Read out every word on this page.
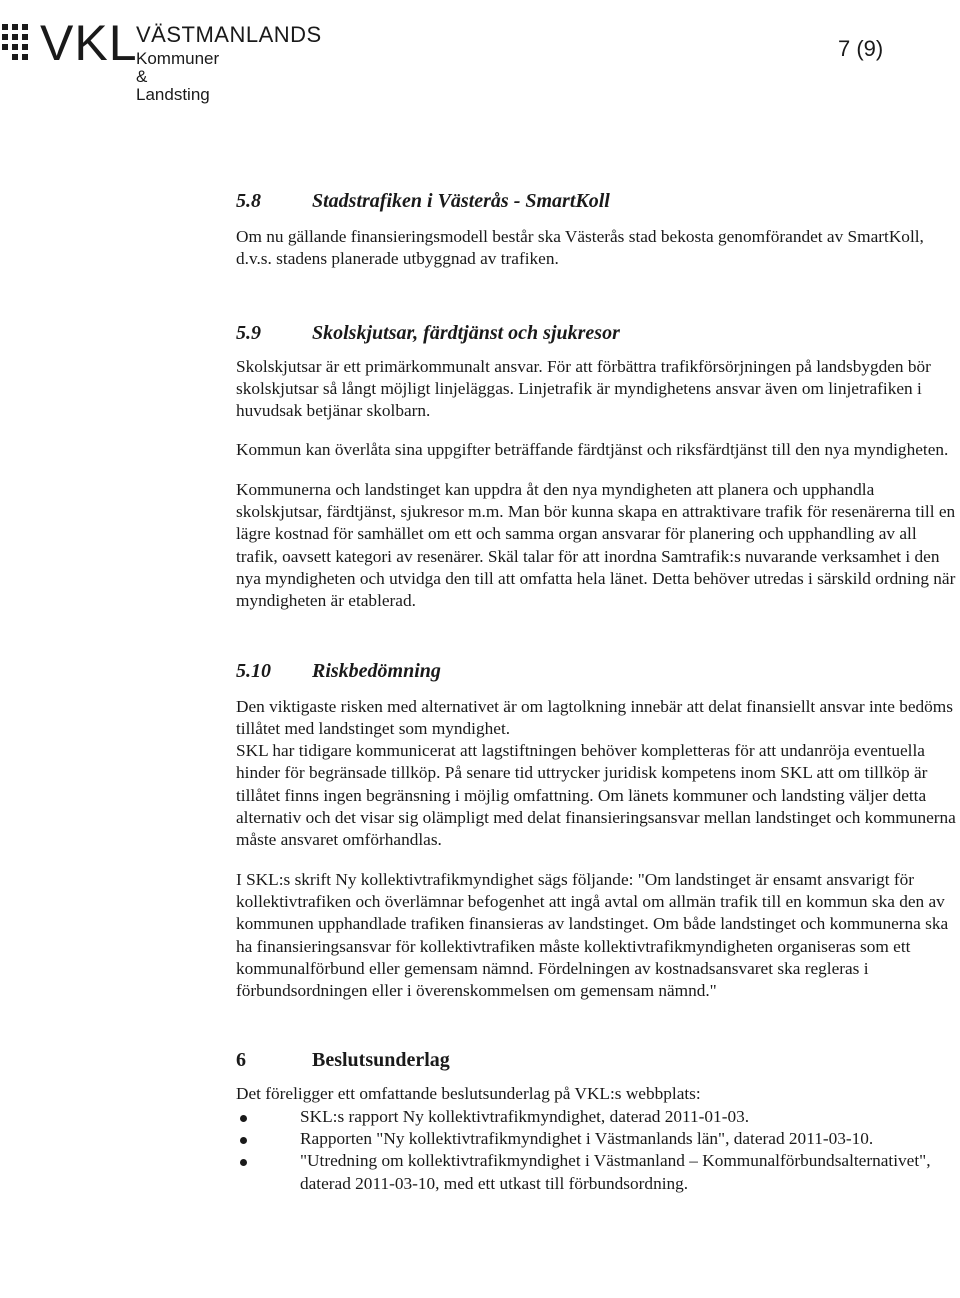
VKL
VÄSTMANLANDS
Kommuner & Landsting
7 (9)
5.8	Stadstrafiken i Västerås - SmartKoll

Om nu gällande finansieringsmodell består ska Västerås stad bekosta genomförandet av SmartKoll, d.v.s. stadens planerade utbyggnad av trafiken.

5.9	Skolskjutsar, färdtjänst och sjukresor

Skolskjutsar är ett primärkommunalt ansvar. För att förbättra trafikförsörjningen på landsbygden bör skolskjutsar så långt möjligt linjeläggas. Linjetrafik är myndighetens ansvar även om linjetrafiken i huvudsak betjänar skolbarn.

Kommun kan överlåta sina uppgifter beträffande färdtjänst och riksfärdtjänst till den nya myndigheten.

Kommunerna och landstinget kan uppdra åt den nya myndigheten att planera och upphandla skolskjutsar, färdtjänst, sjukresor m.m. Man bör kunna skapa en attraktivare trafik för resenärerna till en lägre kostnad för samhället om ett och samma organ ansvarar för planering och upphandling av all trafik, oavsett kategori av resenärer. Skäl talar för att inordna Samtrafik:s nuvarande verksamhet i den nya myndigheten och utvidga den till att omfatta hela länet. Detta behöver utredas i särskild ordning när myndigheten är etablerad.

5.10	Riskbedömning

Den viktigaste risken med alternativet är om lagtolkning innebär att delat finansiellt ansvar inte bedöms tillåtet med landstinget som myndighet.

SKL har tidigare kommunicerat att lagstiftningen behöver kompletteras för att undanröja eventuella hinder för begränsade tillköp. På senare tid uttrycker juridisk kompetens inom SKL att om tillköp är tillåtet finns ingen begränsning i möjlig omfattning. Om länets kommuner och landsting väljer detta alternativ och det visar sig olämpligt med delat finansieringsansvar mellan landstinget och kommunerna måste ansvaret omförhandlas.

I SKL:s skrift Ny kollektivtrafikmyndighet sägs följande: "Om landstinget är ensamt ansvarigt för kollektivtrafiken och överlämnar befogenhet att ingå avtal om allmän trafik till en kommun ska den av kommunen upphandlade trafiken finansieras av landstinget. Om både landstinget och kommunerna ska ha finansieringsansvar för kollektivtrafiken måste kollektivtrafikmyndigheten organiseras som ett kommunalförbund eller gemensam nämnd. Fördelningen av kostnadsansvaret ska regleras i förbundsordningen eller i överenskommelsen om gemensam nämnd."

6	Beslutsunderlag

Det föreligger ett omfattande beslutsunderlag på VKL:s webbplats:

SKL:s rapport Ny kollektivtrafikmyndighet, daterad 2011-01-03.
Rapporten "Ny kollektivtrafikmyndighet i Västmanlands län", daterad 2011-03-10.
"Utredning om kollektivtrafikmyndighet i Västmanland – Kommunalförbundsalternativet", daterad 2011-03-10, med ett utkast till förbundsordning.
